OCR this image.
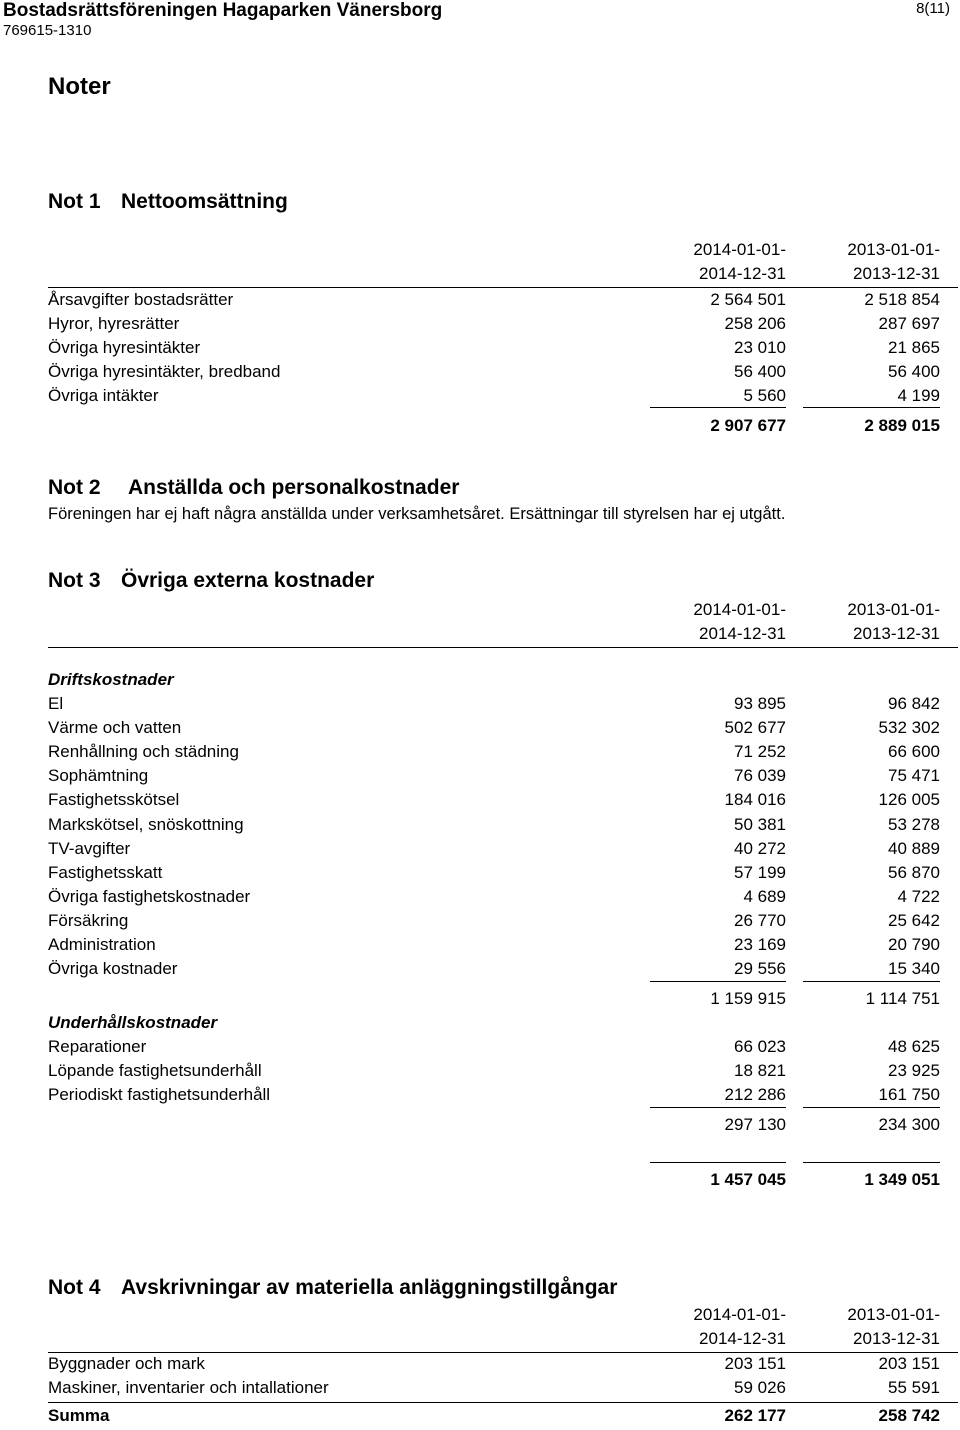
Bostadsrättsföreningen Hagaparken Vänersborg
769615-1310
8(11)
Noter
Not 1 Nettoomsättning
2014-01-01-	2013-01-01-
2014-12-31	2013-12-31
Årsavgifter bostadsrätter	2 564 501	2 518 854
Hyror, hyresrätter	258 206	287 697
Övriga hyresintäkter	23 010	21 865
Övriga hyresintäkter, bredband	56 400	56 400
Övriga intäkter	5 560	4 199
2 907 677	2 889 015
Not 2 Anställda och personalkostnader
Föreningen har ej haft några anställda under verksamhetsåret. Ersättningar till styrelsen har ej utgått.
Not 3 Övriga externa kostnader
2014-01-01-	2013-01-01-
2014-12-31	2013-12-31
Driftskostnader
El	93 895	96 842
Värme och vatten	502 677	532 302
Renhållning och städning	71 252	66 600
Sophämtning	76 039	75 471
Fastighetsskötsel	184 016	126 005
Markskötsel, snöskottning	50 381	53 278
TV-avgifter	40 272	40 889
Fastighetsskatt	57 199	56 870
Övriga fastighetskostnader	4 689	4 722
Försäkring	26 770	25 642
Administration	23 169	20 790
Övriga kostnader	29 556	15 340
1 159 915	1 114 751
Underhållskostnader
Reparationer	66 023	48 625
Löpande fastighetsunderhåll	18 821	23 925
Periodiskt fastighetsunderhåll	212 286	161 750
297 130	234 300
1 457 045	1 349 051
Not 4 Avskrivningar av materiella anläggningstillgångar
2014-01-01-	2013-01-01-
2014-12-31	2013-12-31
Byggnader och mark	203 151	203 151
Maskiner, inventarier och intallationer	59 026	55 591
Summa	262 177	258 742
